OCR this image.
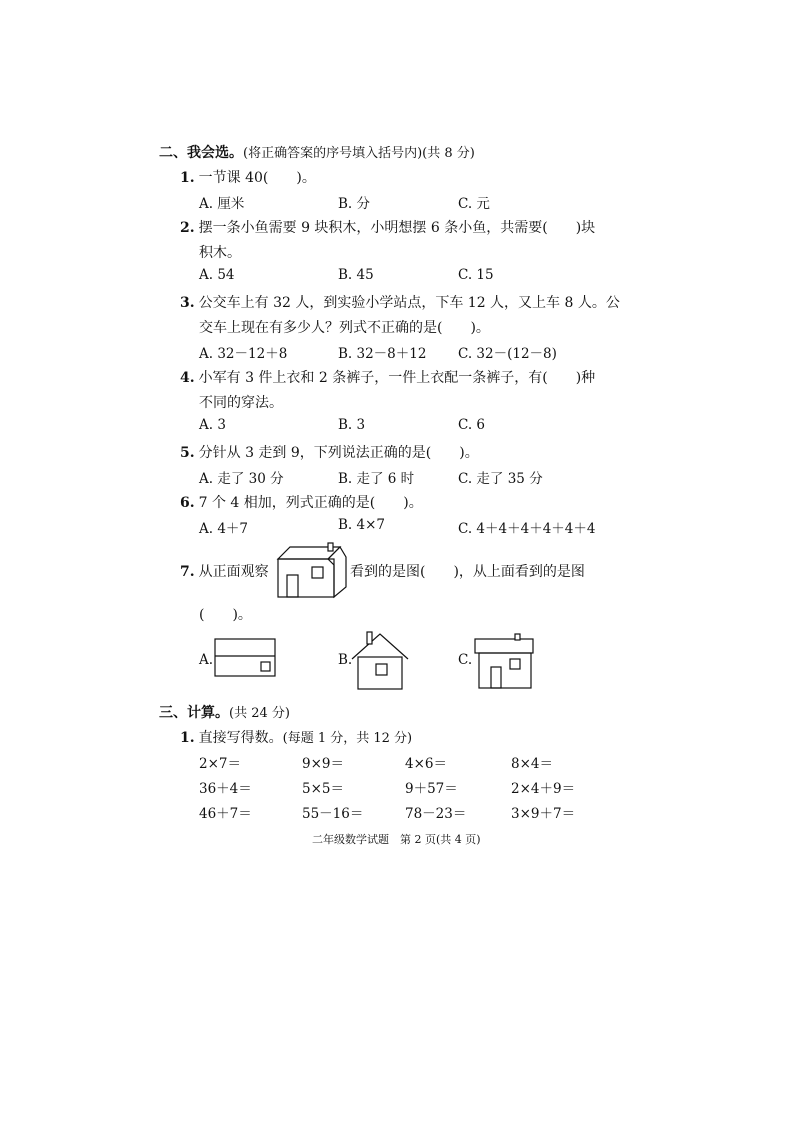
二、我会选。(将正确答案的序号填入括号内)(共 8 分)
1. 一节课 40(　　)。
A. 厘米	B. 分	C. 元
2. 摆一条小鱼需要 9 块积木，小明想摆 6 条小鱼，共需要(　　)块
积木。
A. 54	B. 45	C. 15
3. 公交车上有 32 人，到实验小学站点，下车 12 人，又上车 8 人。公
交车上现在有多少人？列式不正确的是(　　)。
A. 32－12＋8	B. 32－8＋12 C. 32－(12－8)
4. 小军有 3 件上衣和 2 条裤子，一件上衣配一条裤子，有(　　)种
不同的穿法。
A. 3	B. 3	C. 6
5. 分针从 3 走到 9，下列说法正确的是(　　)。
A. 走了 30 分	B. 走了 6 时	C. 走了 35 分
6. 7 个 4 相加，列式正确的是(　　)。
A. 4＋7	B. 4×7	C. 4＋4＋4＋4＋4＋4
7. 从正面观察	看到的是图(　　)，从上面看到的是图
(　　)。
A.	B.	C.
三、计算。(共 24 分)
1. 直接写得数。(每题 1 分，共 12 分)
2×7＝	9×9＝	4×6＝	8×4＝
36＋4＝	5×5＝	9＋57＝	2×4＋9＝
46＋7＝	55－16＝	78－23＝	3×9＋7＝
二年级数学试题　第 2 页(共 4 页)
